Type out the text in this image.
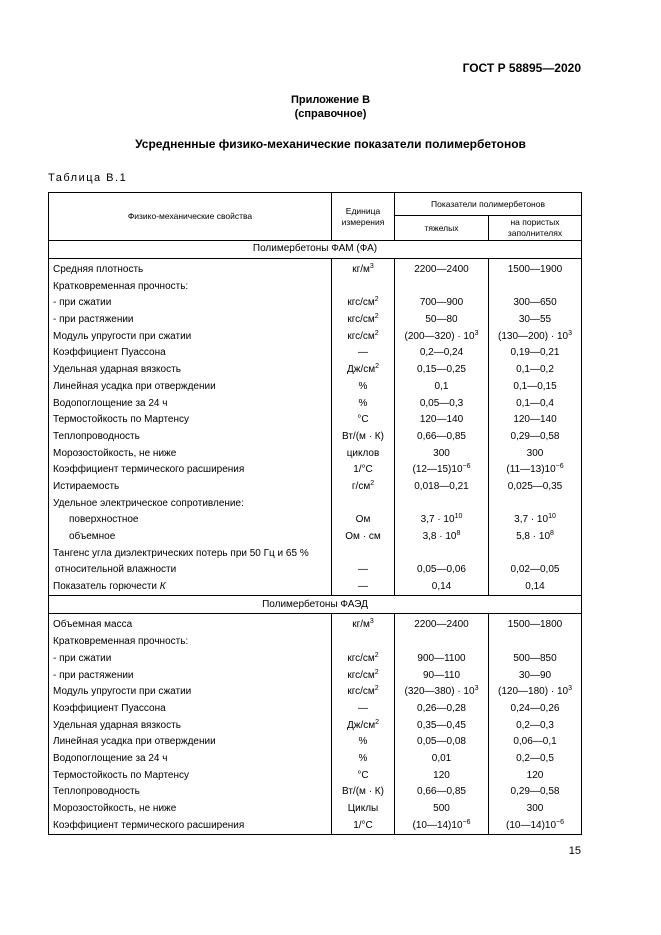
ГОСТ Р 58895—2020
Приложение В
(справочное)
Усредненные физико-механические показатели полимербетонов
Таблица В.1
Физико-механические свойства	Единица измерения	Показатели полимербетонов	
		тяжелых	на пористых заполнителях
Полимербетоны ФАМ (ФА)			
Средняя плотность	$кг/м^3$	2200—2400	1500—1900
Кратковременная прочность:			
- при сжатии	кгс/$см^2$	700—900	300—650
- при растяжении	кгс/$см^2$	50—80	30—55
Модуль упругости при сжатии	кгс/$см^2$	(200—320) · $10^3$	(130—200) · $10^3$
Коэффициент Пуассона	—	0,2—0,24	0,19—0,21
Удельная ударная вязкость	$Дж/см^2$	0,15—0,25	0,1—0,2
Линейная усадка при отверждении	%	0,1	0,1—0,15
Водопоглощение за 24 ч	%	0,05—0,3	0,1—0,4
Термостойкость по Мартенсу	°С	120—140	120—140
Теплопроводность	Вт/(м · К)	0,66—0,85	0,29—0,58
Морозостойкость, не ниже	циклов	300	300
Коэффициент термического расширения	1/°С	$(12—15)10^{-6}$	$(11—13)10^{-6}$
Истираемость	$г/см^2$	0,018—0,21	0,025—0,35
Удельное электрическое сопротивление:			
поверхностное	Ом	$3,7 \cdot 10^{10}$	$3,7 \cdot 10^{10}$
объемное	Ом · см	$3,8 \cdot 10^8$	$5,8 \cdot 10^8$
Тангенс угла диэлектрических потерь при 50 Гц и 65 %			
относительной влажности	—	0,05—0,06	0,02—0,05
Показатель горючести К	—	0,14	0,14
Полимербетоны ФАЭД			
Объемная масса	$кг/м^3$	2200—2400	1500—1800
Кратковременная прочность:			
- при сжатии	кгс/$см^2$	900—1100	500—850
- при растяжении	кгс/$см^2$	90—110	30—90
Модуль упругости при сжатии	кгс/$см^2$	(320—380) · $10^3$	(120—180) · $10^3$
Коэффициент Пуассона	—	0,26—0,28	0,24—0,26
Удельная ударная вязкость	$Дж/см^2$	0,35—0,45	0,2—0,3
Линейная усадка при отверждении	%	0,05—0,08	0,06—0,1
Водопоглощение за 24 ч	%	0,01	0,2—0,5
Термостойкость по Мартенсу	°С	120	120
Теплопроводность	Вт/(м · К)	0,66—0,85	0,29—0,58
Морозостойкость, не ниже	Циклы	500	300
Коэффициент термического расширения	1/°С	$(10—14)10^{-6}$	$(10—14)10^{-6}$
15
